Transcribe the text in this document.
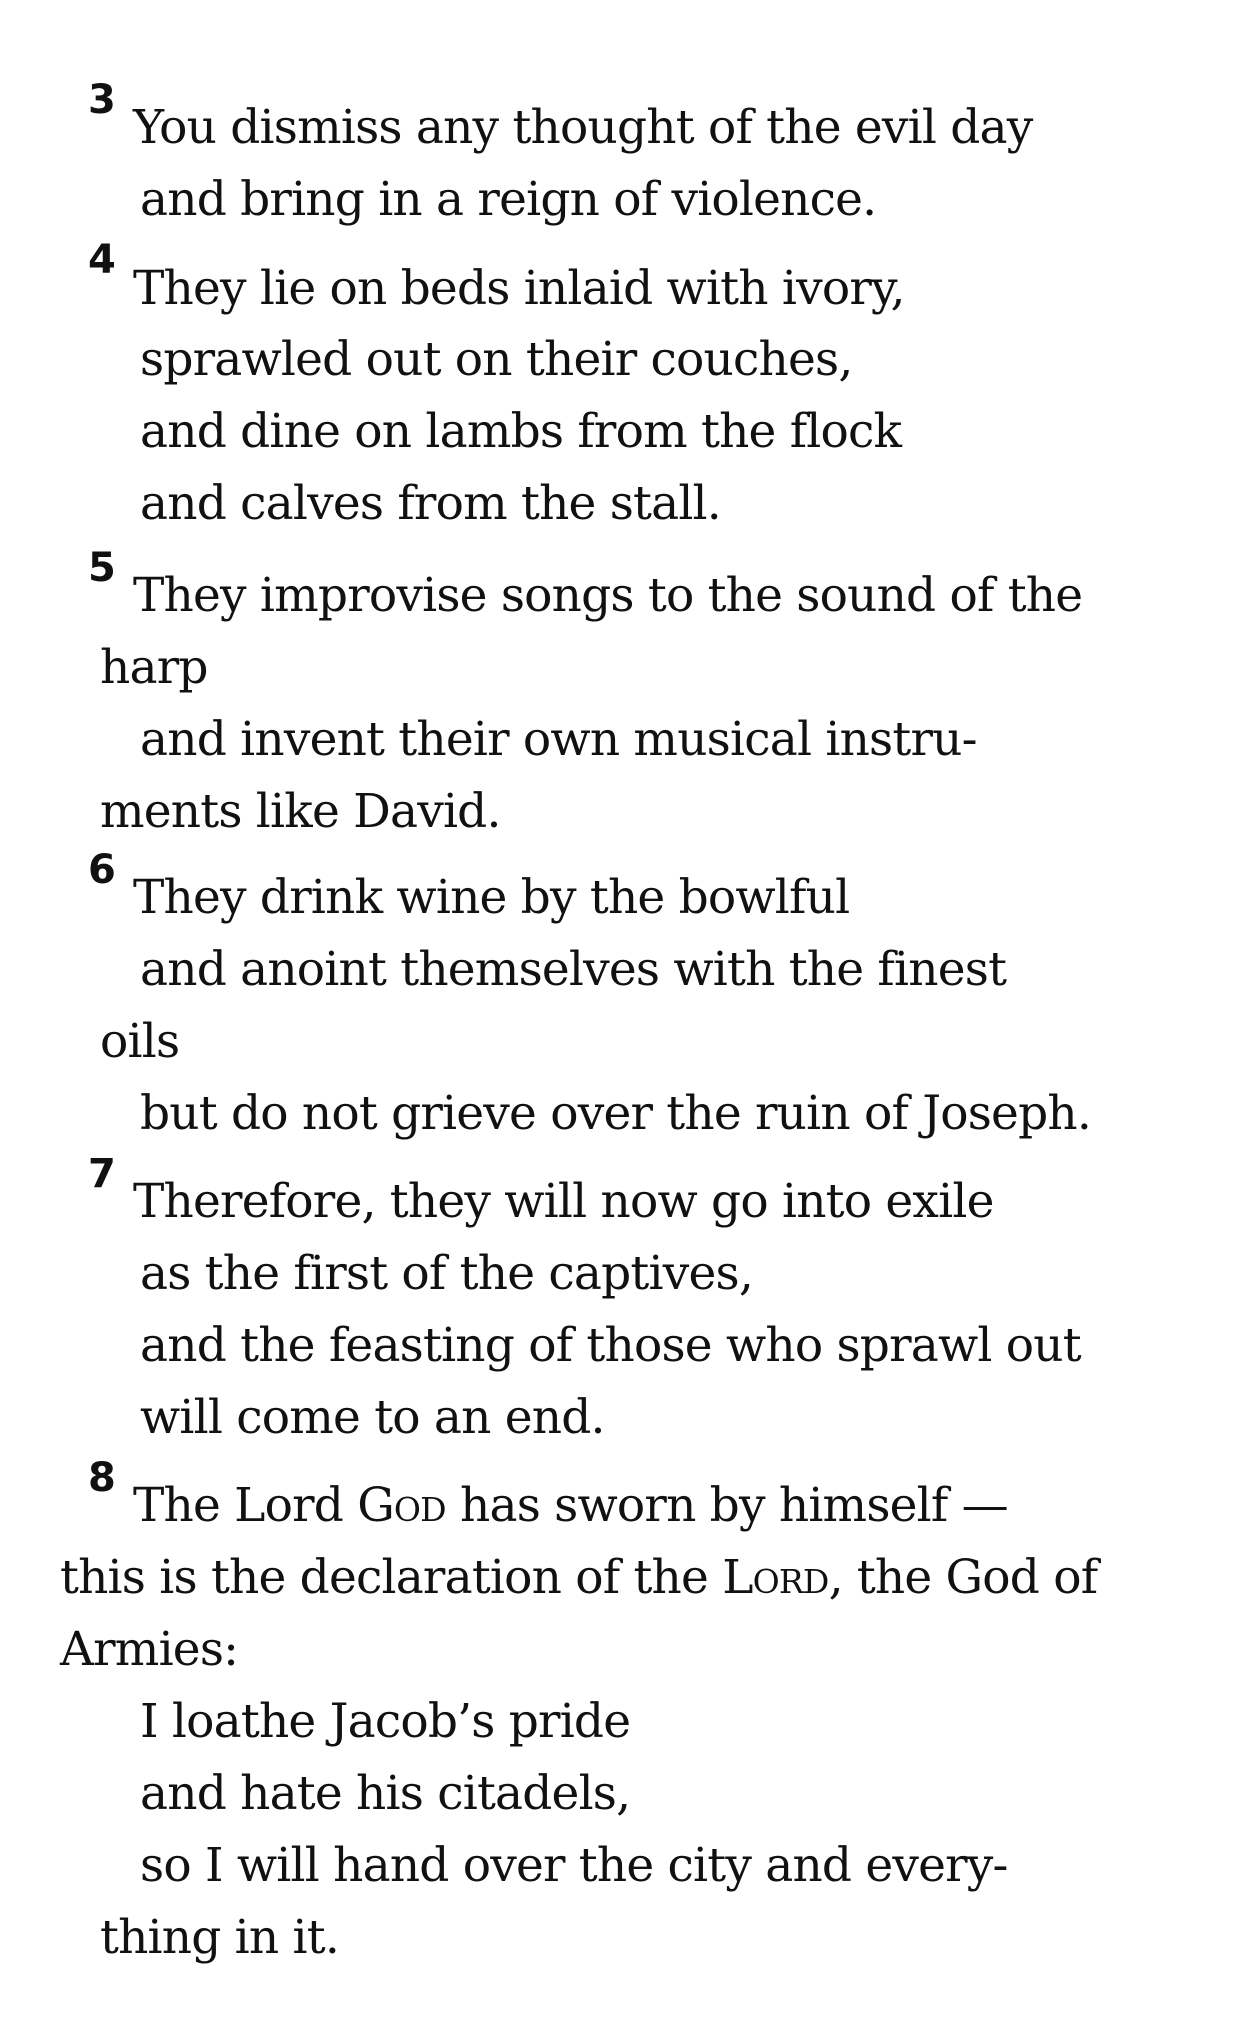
3 You dismiss any thought of the evil day
and bring in a reign of violence.
4
They lie on beds inlaid with ivory,
sprawled out on their couches,
and dine on lambs from the flock
and calves from the stall.
5 They improvise songs to the sound of the
harp
and invent their own musical instru-
ments like David.
6 They drink wine by the bowlful
and anoint themselves with the finest
oils
but do not grieve over the ruin of Joseph.
7 Therefore, they will now go into exile
as the first of the captives,
and the feasting of those who sprawl out
will come to an end.
8 The Lord God has sworn by himself —
this is the declaration of the Lord, the God of
Armies:
I loathe Jacob’s pride
and hate his citadels,
so I will hand over the city and every-
thing in it.
